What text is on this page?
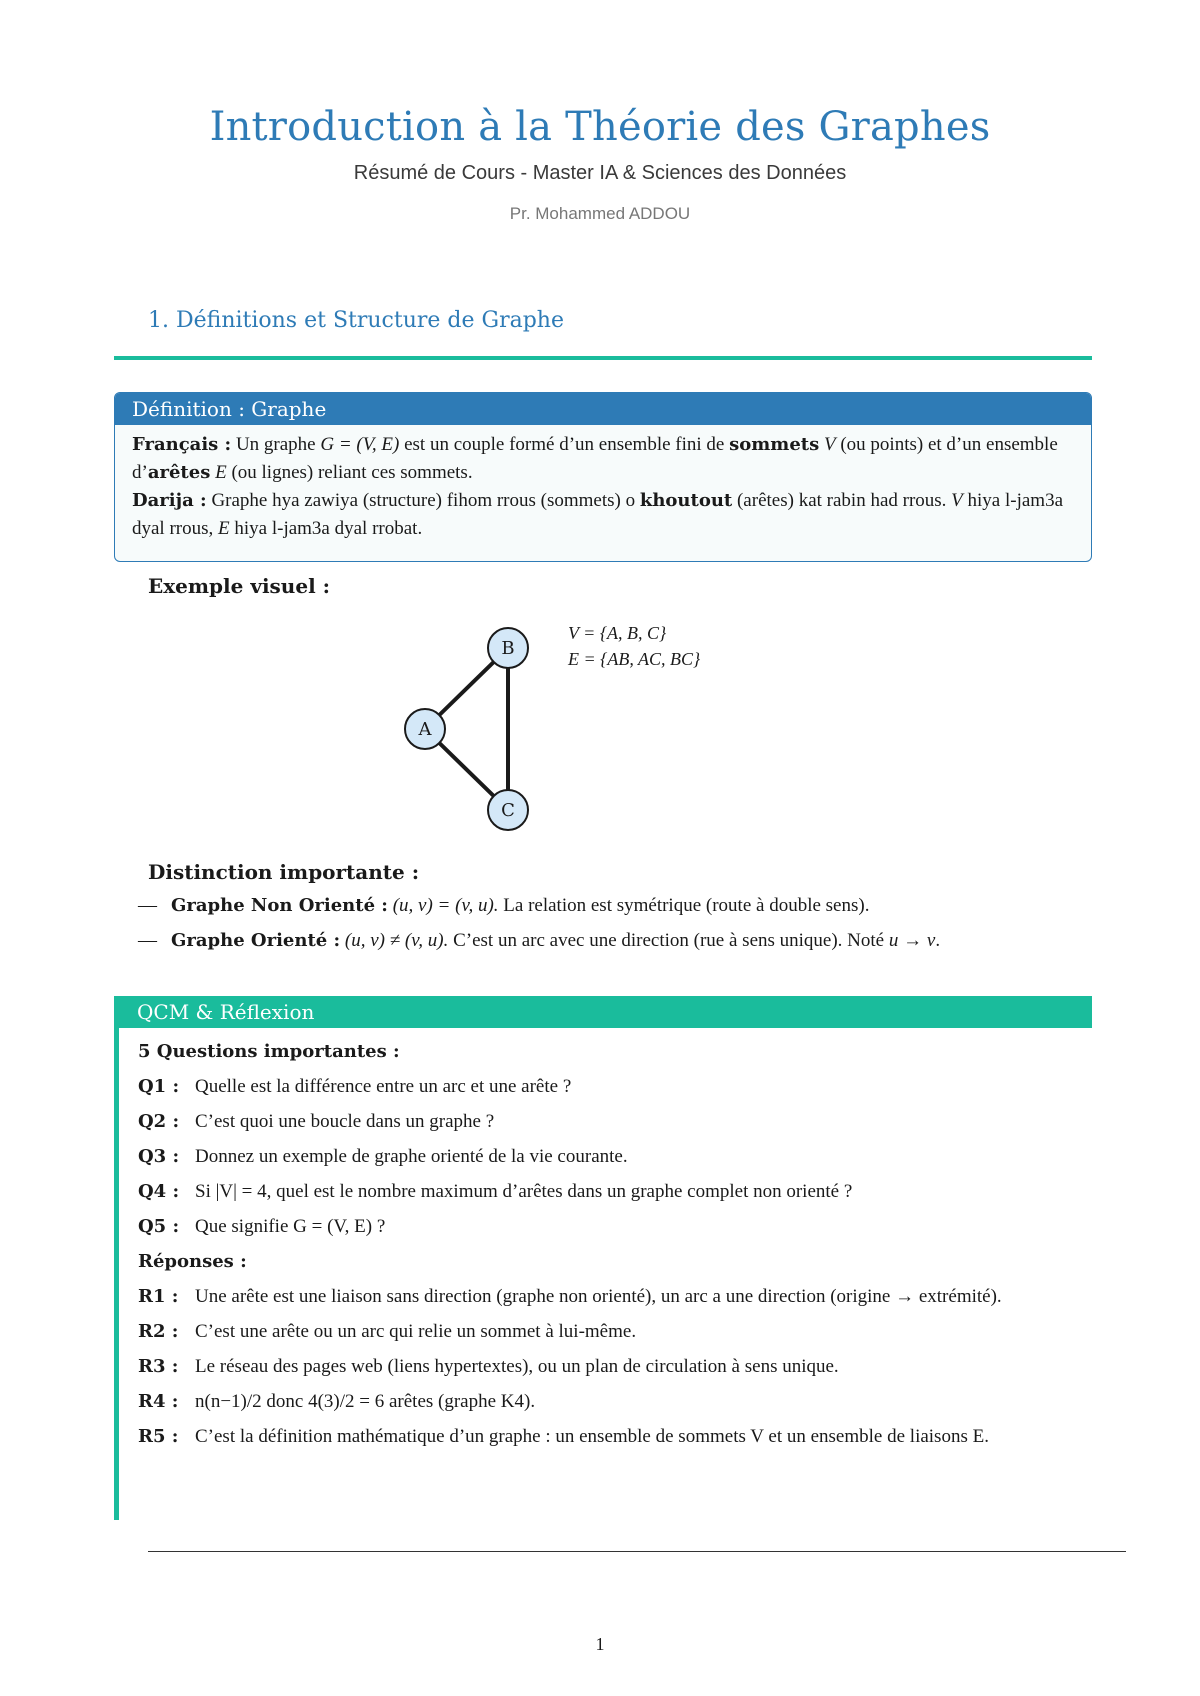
Introduction à la Théorie des Graphes
Résumé de Cours - Master IA & Sciences des Données
Pr. Mohammed ADDOU
1. Définitions et Structure de Graphe
Définition : Graphe
Français : Un graphe G = (V, E) est un couple formé d’un ensemble fini de sommets V (ou points) et d’un ensemble d’arêtes E (ou lignes) reliant ces sommets.
Darija : Graphe hya zawiya (structure) fihom rrous (sommets) o khoutout (arêtes) kat rabin had rrous. V hiya l-jam3a dyal rrous, E hiya l-jam3a dyal rrobat.
Exemple visuel :
A
B
C
V = {A, B, C}
E = {AB, AC, BC}
Distinction importante :
— Graphe Non Orienté : (u, v) = (v, u). La relation est symétrique (route à double sens).
— Graphe Orienté : (u, v) ≠ (v, u). C’est un arc avec une direction (rue à sens unique). Noté u → v.
QCM & Réflexion
5 Questions importantes :
Q1 : Quelle est la différence entre un arc et une arête ?
Q2 : C’est quoi une boucle dans un graphe ?
Q3 : Donnez un exemple de graphe orienté de la vie courante.
Q4 : Si |V| = 4, quel est le nombre maximum d’arêtes dans un graphe complet non orienté ?
Q5 : Que signifie G = (V, E) ?
Réponses :
R1 : Une arête est une liaison sans direction (graphe non orienté), un arc a une direction (origine → extrémité).
R2 : C’est une arête ou un arc qui relie un sommet à lui-même.
R3 : Le réseau des pages web (liens hypertextes), ou un plan de circulation à sens unique.
R4 : n(n−1)/2 donc 4(3)/2 = 6 arêtes (graphe K4).
R5 : C’est la définition mathématique d’un graphe : un ensemble de sommets V et un ensemble de liaisons E.
1
